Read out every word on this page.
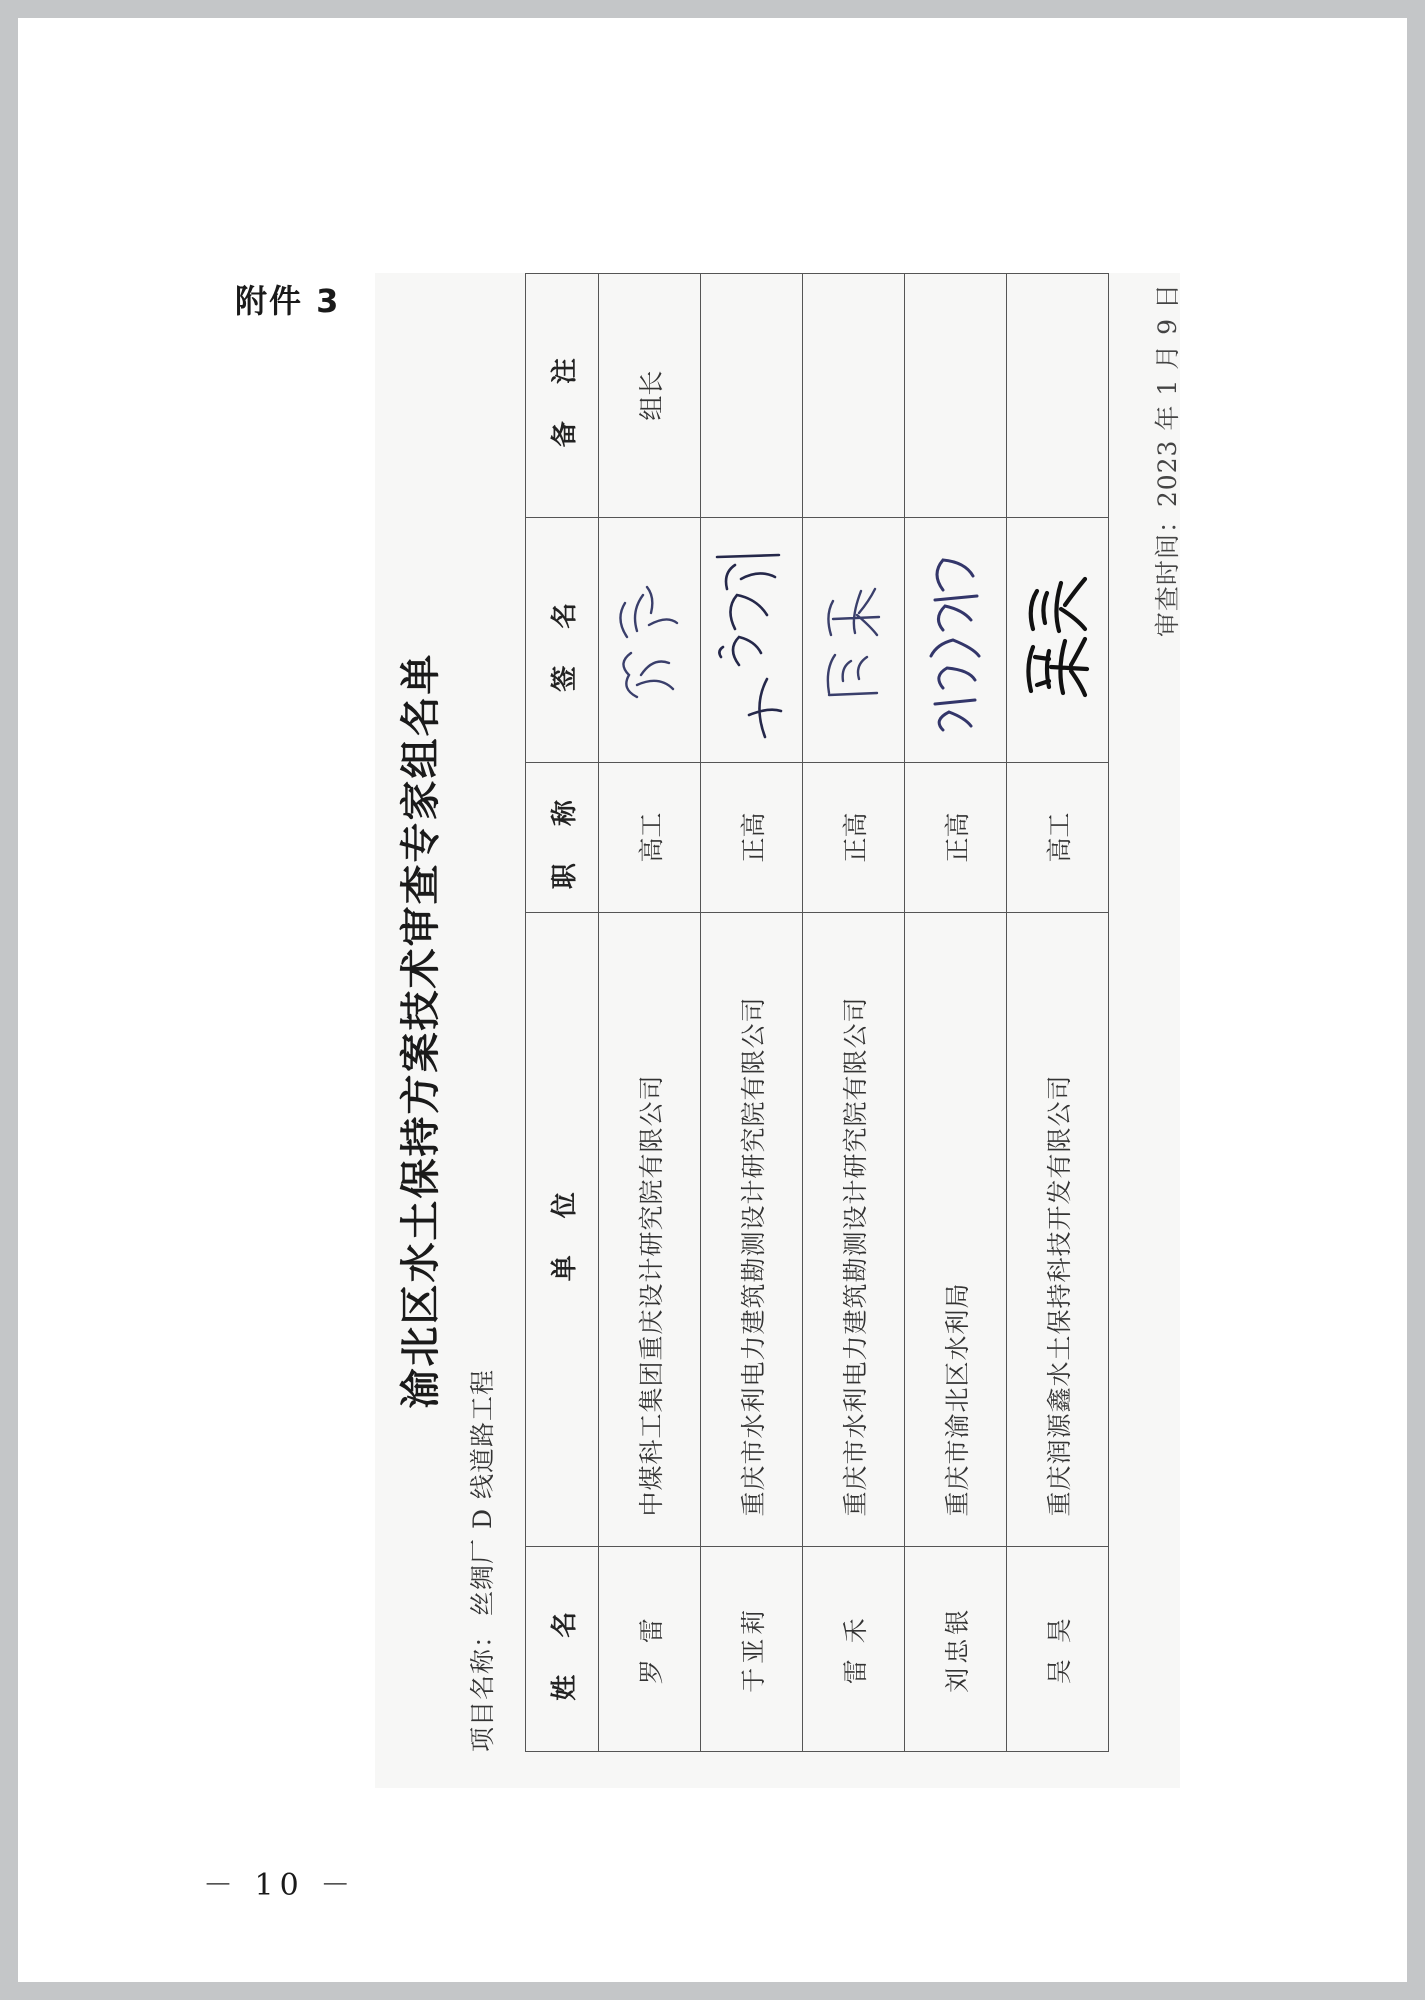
附件 3
渝北区水土保持方案技术审查专家组名单
项目名称：丝绸厂 D 线道路工程
姓 名	单 位	职 称	签 名	备 注
罗 雷	中煤科工集团重庆设计研究院有限公司	高工		组长
于亚莉	重庆市水利电力建筑勘测设计研究院有限公司	正高		
雷 禾	重庆市水利电力建筑勘测设计研究院有限公司	正高		
刘忠银	重庆市渝北区水利局	正高		
吴 昊	重庆润源鑫水土保持科技开发有限公司	高工		
审查时间：2023 年 1 月 9 日
－ 10 －
